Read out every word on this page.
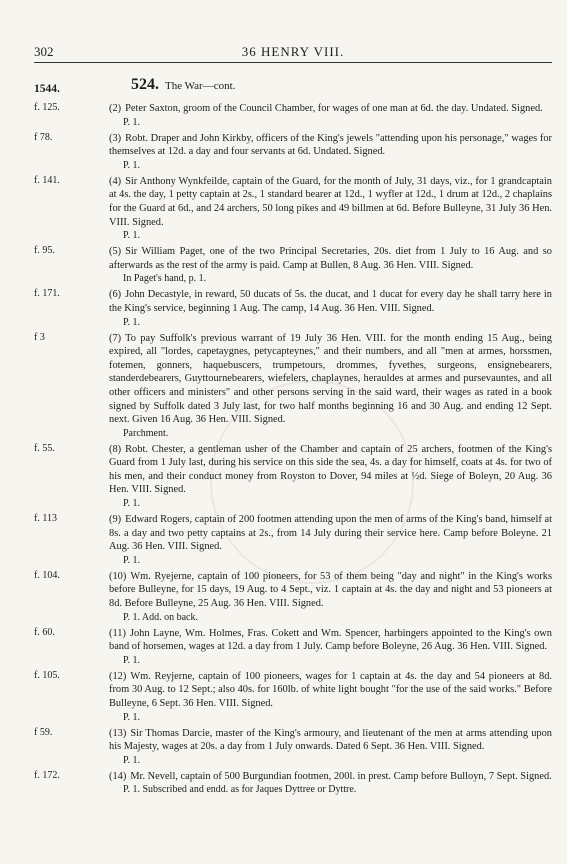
302	36 HENRY VIII.
1544.	524. The War—cont.
f. 125.	(2) Peter Saxton, groom of the Council Chamber, for wages of one man at 6d. the day. Undated. Signed.
P. 1.
f 78.	(3) Robt. Draper and John Kirkby, officers of the King's jewels "attending upon his personage," wages for themselves at 12d. a day and four servants at 6d. Undated. Signed.
P. 1.
f. 141.	(4) Sir Anthony Wynkfeilde, captain of the Guard, for the month of July, 31 days, viz., for 1 grandcaptain at 4s. the day, 1 petty captain at 2s., 1 standard bearer at 12d., 1 wyfler at 12d., 1 drum at 12d., 2 chaplains for the Guard at 6d., and 24 archers, 50 long pikes and 49 billmen at 6d. Before Bulleyne, 31 July 36 Hen. VIII. Signed.
P. 1.
f. 95.	(5) Sir William Paget, one of the two Principal Secretaries, 20s. diet from 1 July to 16 Aug. and so afterwards as the rest of the army is paid. Camp at Bullen, 8 Aug. 36 Hen. VIII. Signed.
In Paget's hand, p. 1.
f. 171.	(6) John Decastyle, in reward, 50 ducats of 5s. the ducat, and 1 ducat for every day he shall tarry here in the King's service, beginning 1 Aug. The camp, 14 Aug. 36 Hen. VIII. Signed.
P. 1.
f 3	(7) To pay Suffolk's previous warrant of 19 July 36 Hen. VIII. for the month ending 15 Aug., being expired, all "lordes, capetaygnes, petycapteynes," and their numbers, and all "men at armes, horssmen, fotemen, gonners, haquebuscers, trumpetours, drommes, fyvethes, surgeons, ensignebearers, standerdebearers, Guyttournebearers, wiefelers, chaplaynes, herauldes at armes and pursevauntes, and all other officers and ministers" and other persons serving in the said ward, their wages as rated in a book signed by Suffolk dated 3 July last, for two half months beginning 16 and 30 Aug. and ending 12 Sept. next. Given 16 Aug. 36 Hen. VIII. Signed.
Parchment.
f. 55.	(8) Robt. Chester, a gentleman usher of the Chamber and captain of 25 archers, footmen of the King's Guard from 1 July last, during his service on this side the sea, 4s. a day for himself, coats at 4s. for two of his men, and their conduct money from Royston to Dover, 94 miles at ½d. Siege of Boleyn, 20 Aug. 36 Hen. VIII. Signed.
P. 1.
f. 113	(9) Edward Rogers, captain of 200 footmen attending upon the men of arms of the King's band, himself at 8s. a day and two petty captains at 2s., from 14 July during their service here. Camp before Boleyne. 21 Aug. 36 Hen. VIII. Signed.
P. 1.
f. 104.	(10) Wm. Ryejerne, captain of 100 pioneers, for 53 of them being "day and night" in the King's works before Bulleyne, for 15 days, 19 Aug. to 4 Sept., viz. 1 captain at 4s. the day and night and 53 pioneers at 8d. Before Bulleyne, 25 Aug. 36 Hen. VIII. Signed.
P. 1. Add. on back.
f. 60.	(11) John Layne, Wm. Holmes, Fras. Cokett and Wm. Spencer, harbingers appointed to the King's own band of horsemen, wages at 12d. a day from 1 July. Camp before Boleyne, 26 Aug. 36 Hen. VIII. Signed.
P. 1.
f. 105.	(12) Wm. Reyjerne, captain of 100 pioneers, wages for 1 captain at 4s. the day and 54 pioneers at 8d. from 30 Aug. to 12 Sept.; also 40s. for 160lb. of white light bought "for the use of the said works." Before Bulleyne, 6 Sept. 36 Hen. VIII. Signed.
P. 1.
f 59.	(13) Sir Thomas Darcie, master of the King's armoury, and lieutenant of the men at arms attending upon his Majesty, wages at 20s. a day from 1 July onwards. Dated 6 Sept. 36 Hen. VIII. Signed.
P. 1.
f. 172.	(14) Mr. Nevell, captain of 500 Burgundian footmen, 200l. in prest. Camp before Bulloyn, 7 Sept. Signed.
P. 1. Subscribed and endd. as for Jaques Dyttree or Dyttre.
